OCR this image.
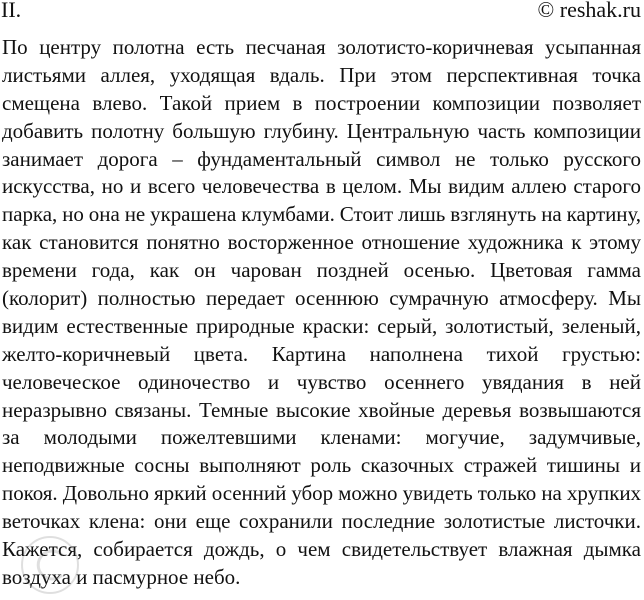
II.	© reshak.ru
По центру полотна есть песчаная золотисто-коричневая усыпанная
листьями аллея, уходящая вдаль. При этом перспективная точка
смещена влево. Такой прием в построении композиции позволяет
добавить полотну большую глубину. Центральную часть композиции
занимает дорога – фундаментальный символ не только русского
искусства, но и всего человечества в целом. Мы видим аллею старого
парка, но она не украшена клумбами. Стоит лишь взглянуть на картину,
как становится понятно восторженное отношение художника к этому
времени года, как он чарован поздней осенью. Цветовая гамма
(колорит) полностью передает осеннюю сумрачную атмосферу. Мы
видим естественные природные краски: серый, золотистый, зеленый,
желто-коричневый цвета. Картина наполнена тихой грустью:
человеческое одиночество и чувство осеннего увядания в ней
неразрывно связаны. Темные высокие хвойные деревья возвышаются
за молодыми пожелтевшими кленами: могучие, задумчивые,
неподвижные сосны выполняют роль сказочных стражей тишины и
покоя. Довольно яркий осенний убор можно увидеть только на хрупких
веточках клена: они еще сохранили последние золотистые листочки.
Кажется, собирается дождь, о чем свидетельствует влажная дымка
воздуха и пасмурное небо.
